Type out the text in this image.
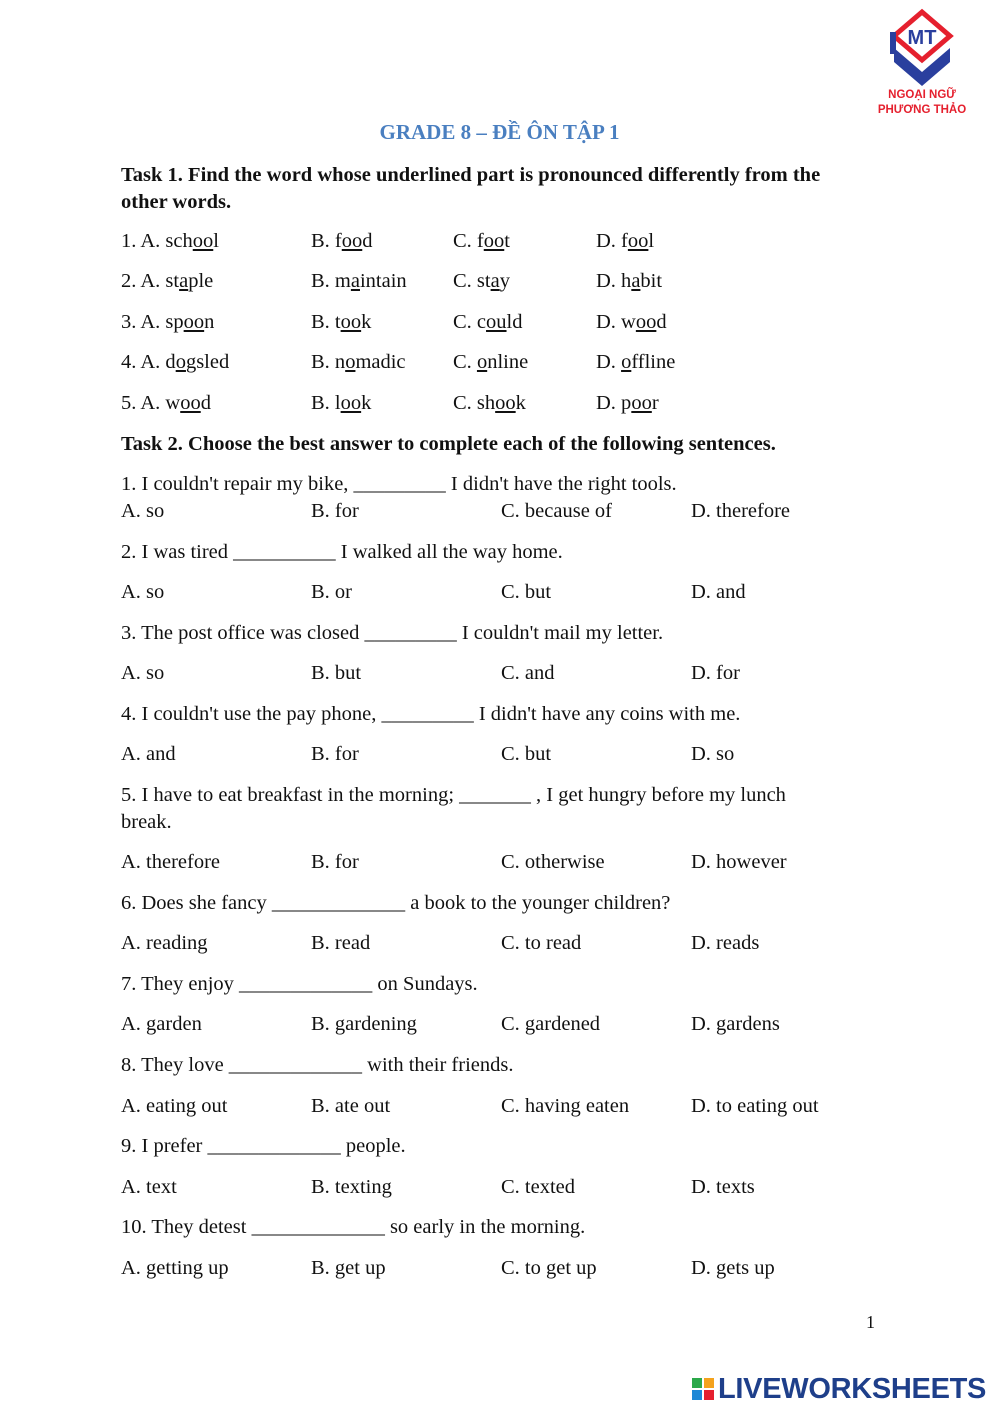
MT
NGOẠI NGỮ
PHƯƠNG THẢO
GRADE 8 – ĐỀ ÔN TẬP 1
Task 1. Find the word whose underlined part is pronounced differently from the
other words.
1. A. school	B. food	C. foot	D. fool
2. A. staple	B. maintain C. stay	D. habit
3. A. spoon	B. took	C. could	D. wood
4. A. dogsled	B. nomadic C. online	D. offline
5. A. wood	B. look	C. shook	D. poor
Task 2. Choose the best answer to complete each of the following sentences.
1. I couldn't repair my bike, _________ I didn't have the right tools.
A. so	B. for	C. because of	D. therefore
2. I was tired __________ I walked all the way home.
A. so	B. or	C. but	D. and
3. The post office was closed _________ I couldn't mail my letter.
A. so	B. but	C. and	D. for
4. I couldn't use the pay phone, _________ I didn't have any coins with me.
A. and	B. for	C. but	D. so
5. I have to eat breakfast in the morning; _______ , I get hungry before my lunch
break.
A. therefore	B. for	C. otherwise	D. however
6. Does she fancy _____________ a book to the younger children?
A. reading	B. read	C. to read	D. reads
7. They enjoy _____________ on Sundays.
A. garden	B. gardening	C. gardened	D. gardens
8. They love _____________ with their friends.
A. eating out	B. ate out	C. having eaten	D. to eating out
9. I prefer _____________ people.
A. text	B. texting	C. texted	D. texts
10. They detest _____________ so early in the morning.
A. getting up	B. get up	C. to get up	D. gets up
1
LIVEWORKSHEETS
